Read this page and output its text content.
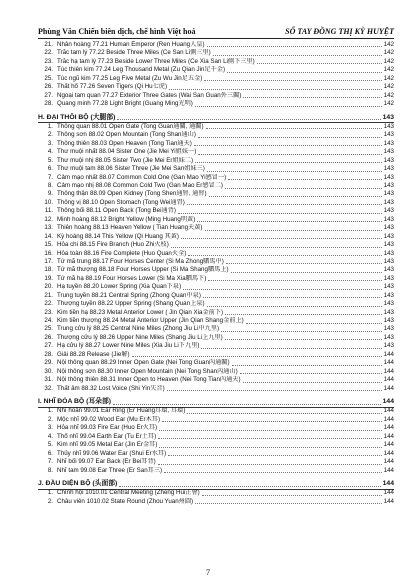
Phùng Văn Chiến biên dịch, chế hình Việt hoá	SỔ TAY ĐỒNG THỊ KỲ HUYỆT
21. Nhân hoàng 77.21 Human Emperor (Ren Huang人皇)	142
22. Trắc tam lý 77.22 Beside Three Miles (Ce San Li側三里)	142
23. Trắc hạ tam lý 77.23 Beside Lower Three Miles (Ce Xia San Li側下三里)	142
24. Túc thiên kim 77.24 Leg Thousand Metal (Zu Qian Jin足千金)	142
25. Túc ngũ kim 77.25 Leg Five Metal (Zu Wu Jin足五金)	142
26. Thất hổ 77.26 Seven Tigers (Qi Hu七虎)	142
27. Ngoại tam quan 77.27 Exterior Three Gates (Wai San Guan外三關)	142
28. Quang minh 77.28 Light Bright (Guang Ming光明)	142
H. ĐẠI THÔI BỘ (大腿部)	143
1. Thông quan 88.01 Open Gate (Tong Guan通關, 通關)	143
2. Thông sơn 88.02 Open Mountain (Tong Shan通山)	143
3. Thông thiên 88.03 Open Heaven (Tong Tian通天)	143
4. Thư muội nhất 88.04 Sister One (Jie Mei Yi姐妹一)	143
5. Thư muội nhị 88.05 Sister Two (Jie Mei Er姐妹二)	143
6. Thư muội tam 88.06 Sister Three (Jie Mei San姐妹三)	143
7. Cảm mạo nhất 88.07 Common Cold One (Gan Mao Yi感冒一)	143
8. Cảm mạo nhị 88.08 Common Cold Two (Gan Mao Er感冒二)	143
9. Thông thận 88.09 Open Kidney (Tong Shen通腎, 通腎)	143
10. Thông vị 88.10 Open Stomach (Tong Wei通胃)	143
11. Thông bối 88.11 Open Back (Tong Bei通背)	143
12. Minh hoàng 88.12 Bright Yellow (Ming Huang明黃)	143
13. Thiên hoàng 88.13 Heaven Yellow ( Tian Huang天黃)	143
14. Kỳ hoàng 88.14 This Yellow (Qi Huang 其黃)	143
15. Hỏa chi 88.15 Fire Branch (Huo Zhi火枝)	143
16. Hỏa toàn 88.16 Fire Complete (Huo Quan火全)	143
17. Tứ mã trung 88.17 Four Horses Center (Si Ma Zhong駟馬中)	143
18. Tứ mã thượng 88.18 Four Horses Upper (Si Ma Shang駟馬上)	143
19. Tứ mã hạ 88.19 Four Horses Lower (Si Ma Xia駟馬下)	143
20. Hạ tuyền 88.20 Lower Spring (Xia Quan下泉)	143
21. Trung tuyền 88.21 Central Spring (Zhong Quan中泉)	143
22. Thượng tuyền 88.22 Upper Spring (Shang Quan上泉)	143
23. Kim tiền hạ 88.23 Metal Anterior Lower ( Jin Qian Xia金前下)	143
24. Kim tiền thượng 88.24 Metal Anterior Upper (Jin Qian Shang金前上)	143
25. Trung cửu lý 88.25 Central Nine Miles (Zhong Jiu Li中九里)	143
26. Thượng cửu lý 88.26 Upper Nine Miles (Shang Jiu Li上九里)	143
27. Hạ cửu lý 88.27 Lower Nine Miles (Xia Jiu Li下九里)	143
28. Giải 88.28 Release (Jie解)	144
29. Nội thông quan 88.29 Inner Open Gate (Nei Tong Guan內通關)	144
30. Nội thông sơn 88.30 Inner Open Mountain (Nei Tong Shan內通山)	144
31. Nội thông thiên 88.31 Inner Open to Heaven (Nei Tong Tian內通天)	144
32. Thất âm 88.32 Lost Voice (Shi Yin失音)	144
I. NHĨ ĐÓA BỘ (耳朵部)	144
1. Nhĩ hoàn 99.01 Ear Ring (Er Huang耳環, 耳環)	144
2. Mộc nhĩ 99.02 Wood Ear (Mu Er木耳)	144
3. Hỏa nhĩ 99.03 Fire Ear (Huo Er火耳)	144
4. Thổ nhĩ 99.04 Earth Ear (Tu Er土耳)	144
5. Kim nhĩ 99.05 Metal Ear (Jin Er金耳)	144
6. Thủy nhĩ 99.06 Water Ear (Shui Er水耳)	144
7. Nhĩ bối 99.07 Ear Back (Er Bei耳背)	144
8. Nhĩ tam 99.08 Ear Three (Er San耳三)	144
J. ĐẦU DIỆN BỘ (头面部)	144
1. Chính hội 1010.01 Central Meeting (Zheng Hui正會)	144
2. Châu viên 1010.02 State Round (Zhou Yuan州圓)	144
7
